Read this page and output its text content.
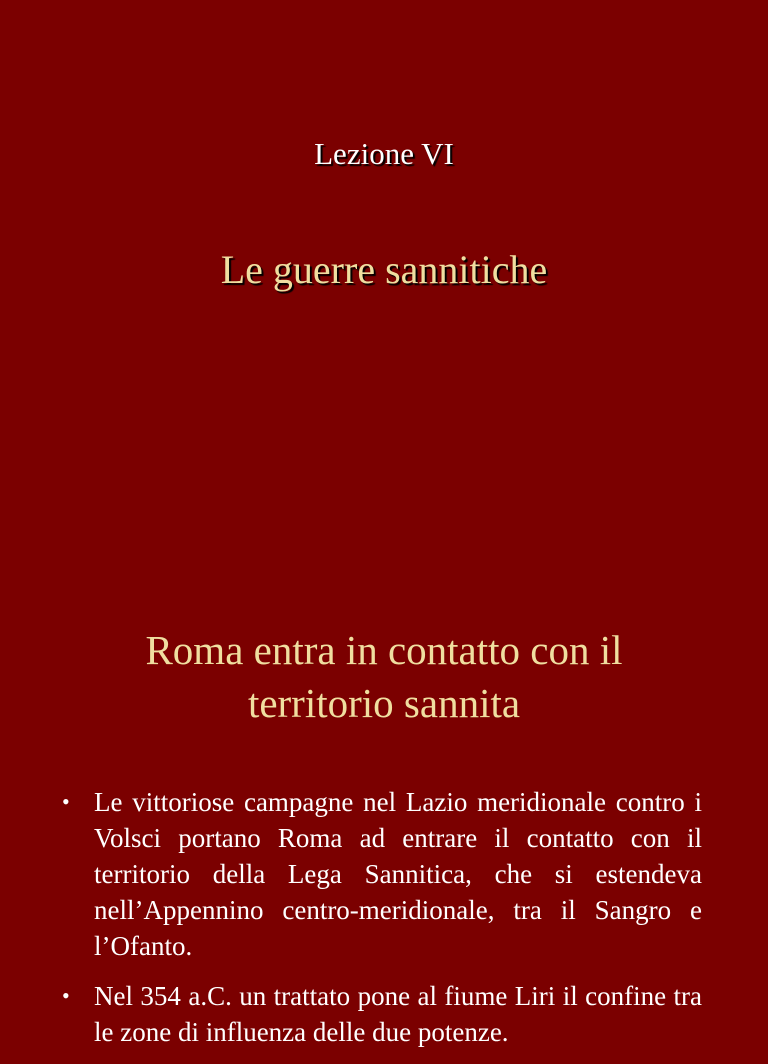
Lezione VI
Le guerre sannitiche
Roma entra in contatto con il
territorio sannita
• Le vittoriose campagne nel Lazio meridionale contro i Volsci portano Roma ad entrare il contatto con il territorio della Lega Sannitica, che si estendeva nell’Appennino centro-meridionale, tra il Sangro e l’Ofanto.
• Nel 354 a.C. un trattato pone al fiume Liri il confine tra le zone di influenza delle due potenze.
